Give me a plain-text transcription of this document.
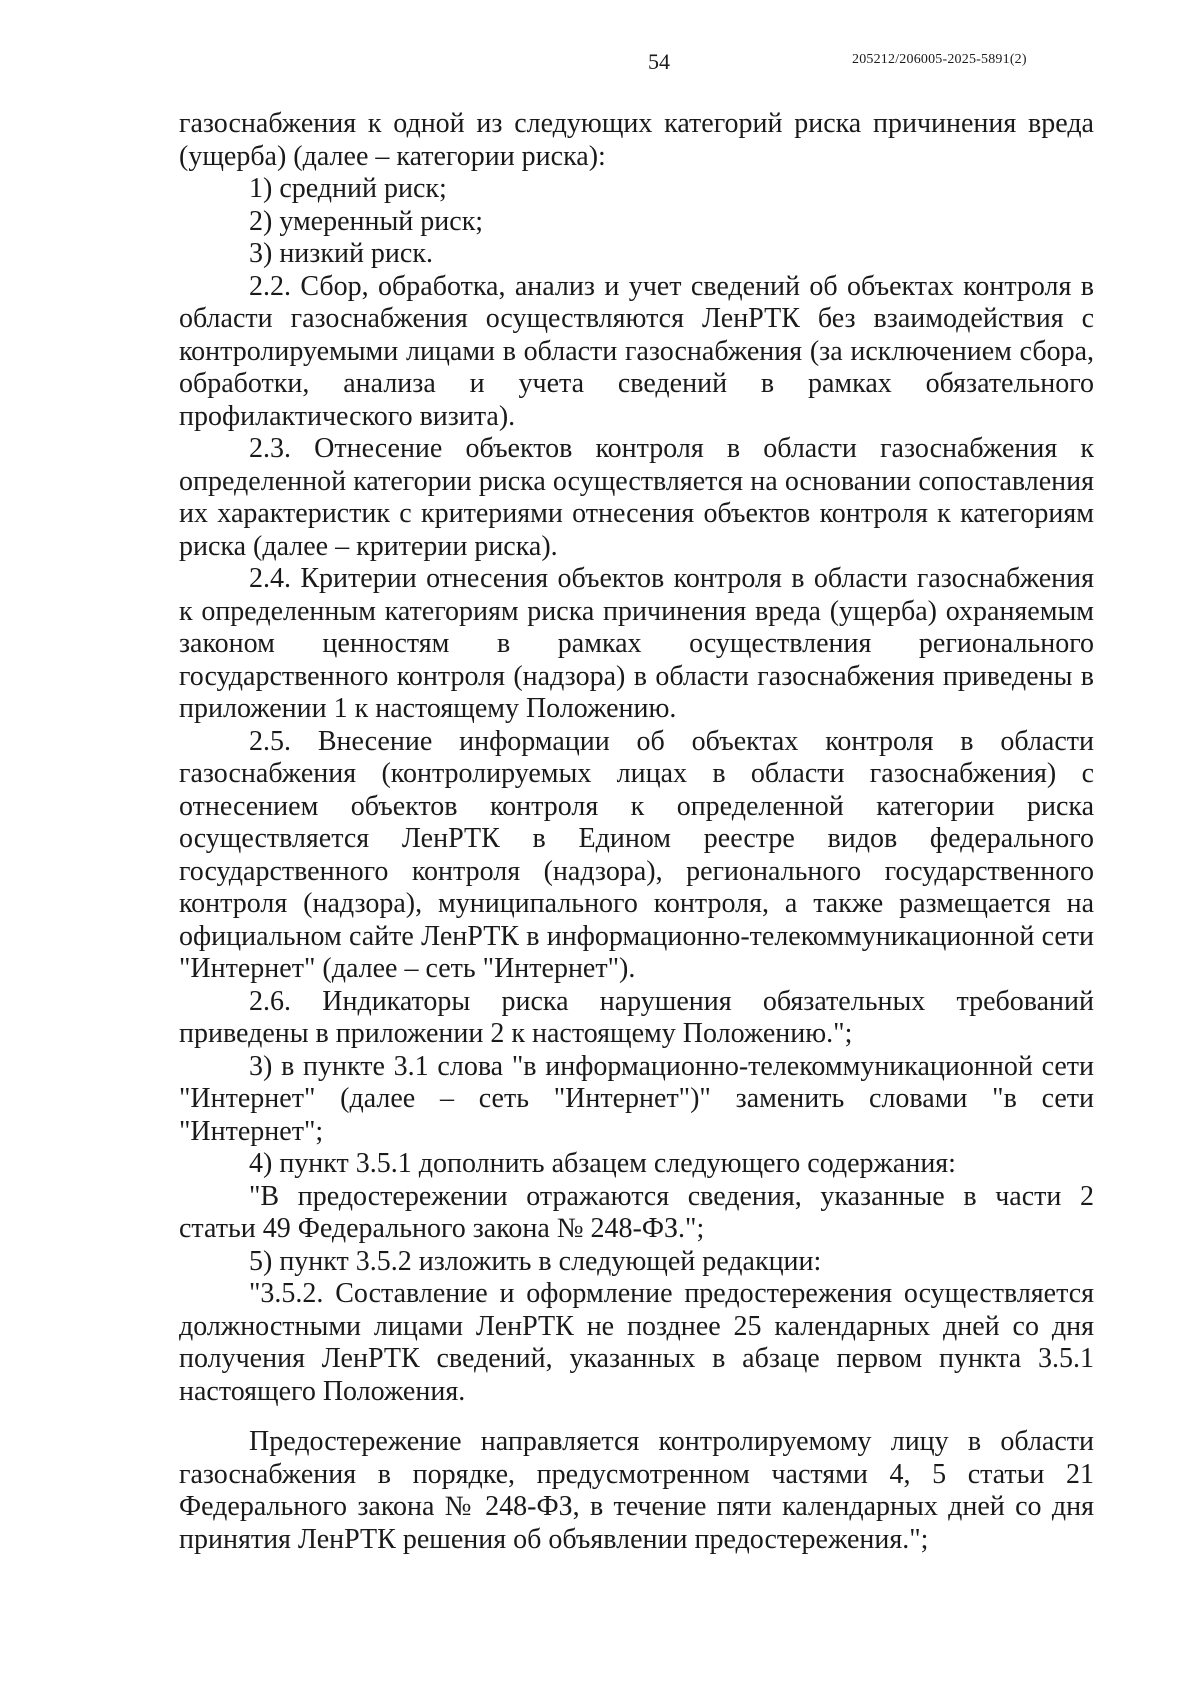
54	205212/206005-2025-5891(2)

газоснабжения к одной из следующих категорий риска причинения вреда (ущерба) (далее – категории риска):

1) средний риск;

2) умеренный риск;

3) низкий риск.

2.2. Сбор, обработка, анализ и учет сведений об объектах контроля в области газоснабжения осуществляются ЛенРТК без взаимодействия с контролируемыми лицами в области газоснабжения (за исключением сбора, обработки, анализа и учета сведений в рамках обязательного профилактического визита).

2.3. Отнесение объектов контроля в области газоснабжения к определенной категории риска осуществляется на основании сопоставления их характеристик с критериями отнесения объектов контроля к категориям риска (далее – критерии риска).

2.4. Критерии отнесения объектов контроля в области газоснабжения к определенным категориям риска причинения вреда (ущерба) охраняемым законом ценностям в рамках осуществления регионального государственного контроля (надзора) в области газоснабжения приведены в приложении 1 к настоящему Положению.

2.5. Внесение информации об объектах контроля в области газоснабжения (контролируемых лицах в области газоснабжения) с отнесением объектов контроля к определенной категории риска осуществляется ЛенРТК в Едином реестре видов федерального государственного контроля (надзора), регионального государственного контроля (надзора), муниципального контроля, а также размещается на официальном сайте ЛенРТК в информационно-телекоммуникационной сети "Интернет" (далее – сеть "Интернет").

2.6. Индикаторы риска нарушения обязательных требований приведены в приложении 2 к настоящему Положению.";

3) в пункте 3.1 слова "в информационно-телекоммуникационной сети "Интернет" (далее – сеть "Интернет")" заменить словами "в сети "Интернет";

4) пункт 3.5.1 дополнить абзацем следующего содержания:

"В предостережении отражаются сведения, указанные в части 2 статьи 49 Федерального закона № 248-ФЗ.";

5) пункт 3.5.2 изложить в следующей редакции:

"3.5.2. Составление и оформление предостережения осуществляется должностными лицами ЛенРТК не позднее 25 календарных дней со дня получения ЛенРТК сведений, указанных в абзаце первом пункта 3.5.1 настоящего Положения.

Предостережение направляется контролируемому лицу в области газоснабжения в порядке, предусмотренном частями 4, 5 статьи 21 Федерального закона № 248-ФЗ, в течение пяти календарных дней со дня принятия ЛенРТК решения об объявлении предостережения.";
